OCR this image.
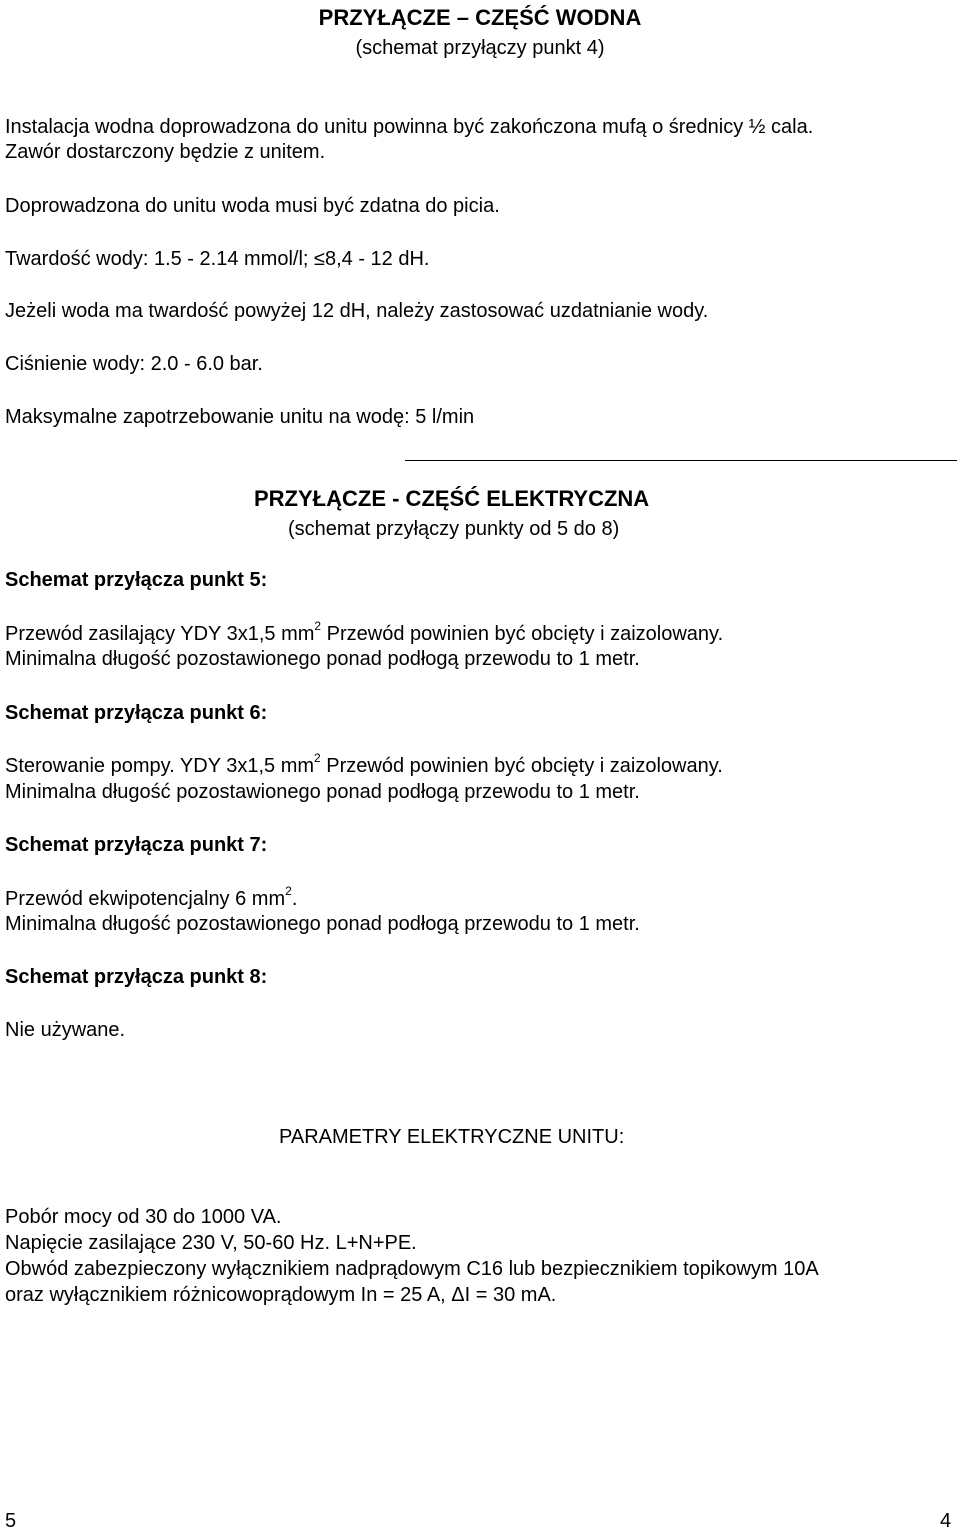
PRZYŁĄCZE – CZĘŚĆ WODNA
(schemat przyłączy punkt 4)
Instalacja wodna doprowadzona do unitu powinna być zakończona mufą o średnicy ½ cala.
Zawór dostarczony będzie z unitem.
Doprowadzona do unitu woda musi być zdatna do picia.
Twardość wody: 1.5 - 2.14 mmol/l; ≤8,4 - 12 dH.
Jeżeli woda ma twardość powyżej 12 dH, należy zastosować uzdatnianie wody.
Ciśnienie wody: 2.0 - 6.0 bar.
Maksymalne zapotrzebowanie unitu na wodę: 5 l/min
PRZYŁĄCZE - CZĘŚĆ ELEKTRYCZNA
(schemat przyłączy punkty od 5 do 8)
Schemat przyłącza punkt 5:
Przewód zasilający YDY 3x1,5 $mm^2$ Przewód powinien być obcięty i zaizolowany.
Minimalna długość pozostawionego ponad podłogą przewodu to 1 metr.
Schemat przyłącza punkt 6:
Sterowanie pompy. YDY 3x1,5 $mm^2$ Przewód powinien być obcięty i zaizolowany.
Minimalna długość pozostawionego ponad podłogą przewodu to 1 metr.
Schemat przyłącza punkt 7:
Przewód ekwipotencjalny 6 $mm^2$.
Minimalna długość pozostawionego ponad podłogą przewodu to 1 metr.
Schemat przyłącza punkt 8:
Nie używane.
PARAMETRY ELEKTRYCZNE UNITU:
Pobór mocy od 30 do 1000 VA.
Napięcie zasilające 230 V, 50-60 Hz. L+N+PE.
Obwód zabezpieczony wyłącznikiem nadprądowym C16 lub bezpiecznikiem topikowym 10A
oraz wyłącznikiem różnicowoprądowym In = 25 A, ΔI = 30 mA.
5	4
